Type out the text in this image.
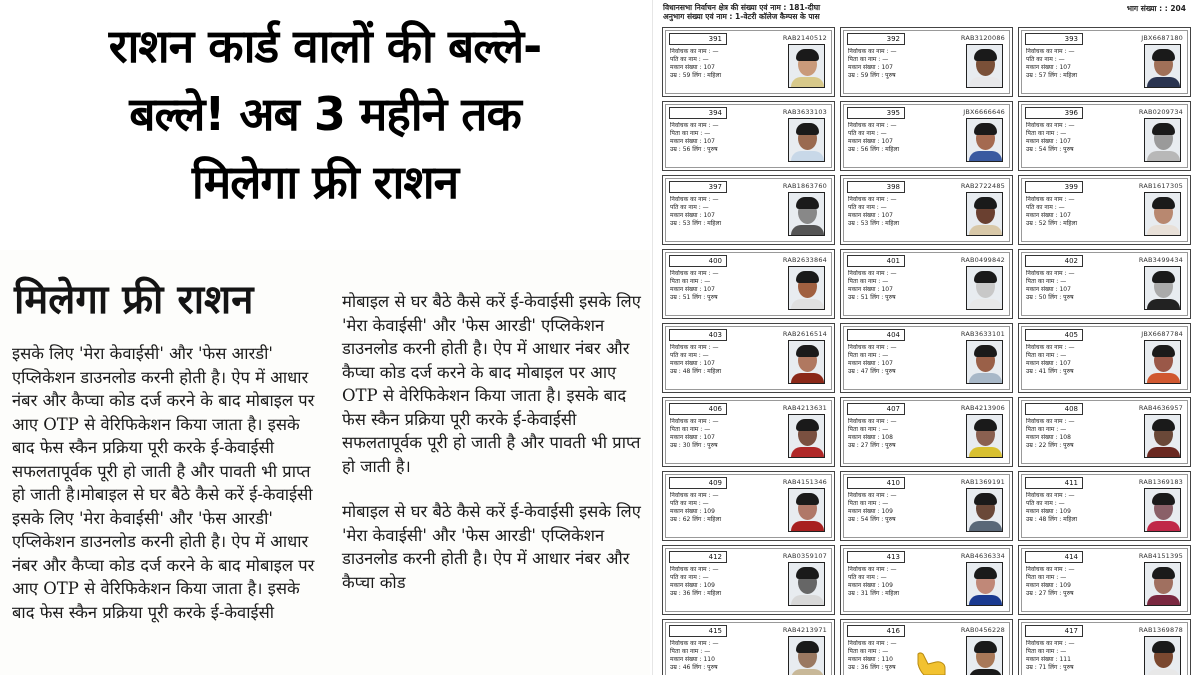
राशन कार्ड वालों की बल्ले-
बल्ले! अब 3 महीने तक
मिलेगा फ्री राशन
मिलेगा फ्री राशन

इसके लिए 'मेरा केवाईसी' और 'फेस आरडी' एप्लिकेशन डाउनलोड करनी होती है। ऐप में आधार नंबर और कैप्चा कोड दर्ज करने के बाद मोबाइल पर आए OTP से वेरिफिकेशन किया जाता है। इसके बाद फेस स्कैन प्रक्रिया पूरी करके ई-केवाईसी सफलतापूर्वक पूरी हो जाती है और पावती भी प्राप्त हो जाती है।मोबाइल से घर बैठे कैसे करें ई-केवाईसी इसके लिए 'मेरा केवाईसी' और 'फेस आरडी' एप्लिकेशन डाउनलोड करनी होती है। ऐप में आधार नंबर और कैप्चा कोड दर्ज करने के बाद मोबाइल पर आए OTP से वेरिफिकेशन किया जाता है। इसके बाद फेस स्कैन प्रक्रिया पूरी करके ई-केवाईसी

मोबाइल से घर बैठे कैसे करें ई-केवाईसी इसके लिए 'मेरा केवाईसी' और 'फेस आरडी' एप्लिकेशन डाउनलोड करनी होती है। ऐप में आधार नंबर और कैप्चा कोड दर्ज करने के बाद मोबाइल पर आए OTP से वेरिफिकेशन किया जाता है। इसके बाद फेस स्कैन प्रक्रिया पूरी करके ई-केवाईसी सफलतापूर्वक पूरी हो जाती है और पावती भी प्राप्त हो जाती है।

मोबाइल से घर बैठे कैसे करें ई-केवाईसी इसके लिए 'मेरा केवाईसी' और 'फेस आरडी' एप्लिकेशन डाउनलोड करनी होती है। ऐप में आधार नंबर और कैप्चा कोड

विधानसभा निर्वाचन क्षेत्र की संख्या एवं नाम : 181-दीघा
अनुभाग संख्या एवं नाम : 1-वेटरी कॉलेज कैम्पस के पास
भाग संख्या : : 204
391	RAB2140512
निर्वाचक का नाम : —
पति का नाम : —
मकान संख्या : 107
उम्र : 59 लिंग : महिला
392	RAB3120086
निर्वाचक का नाम : —
पिता का नाम : —
मकान संख्या : 107
उम्र : 59 लिंग : पुरुष
393	JBX6687180
निर्वाचक का नाम : —
पति का नाम : —
मकान संख्या : 107
उम्र : 57 लिंग : महिला
394	RAB3633103
निर्वाचक का नाम : —
पिता का नाम : —
मकान संख्या : 107
उम्र : 56 लिंग : पुरुष
395	JBX6666646
निर्वाचक का नाम : —
पति का नाम : —
मकान संख्या : 107
उम्र : 56 लिंग : महिला
396	RAB0209734
निर्वाचक का नाम : —
पिता का नाम : —
मकान संख्या : 107
उम्र : 54 लिंग : पुरुष
397	RAB1863760
निर्वाचक का नाम : —
पति का नाम : —
मकान संख्या : 107
उम्र : 53 लिंग : महिला
398	RAB2722485
निर्वाचक का नाम : —
पति का नाम : —
मकान संख्या : 107
उम्र : 53 लिंग : महिला
399	RAB1617305
निर्वाचक का नाम : —
पति का नाम : —
मकान संख्या : 107
उम्र : 52 लिंग : महिला
400	RAB2633864
निर्वाचक का नाम : —
पिता का नाम : —
मकान संख्या : 107
उम्र : 51 लिंग : पुरुष
401	RAB0499842
निर्वाचक का नाम : —
पिता का नाम : —
मकान संख्या : 107
उम्र : 51 लिंग : पुरुष
402	RAB3499434
निर्वाचक का नाम : —
पिता का नाम : —
मकान संख्या : 107
उम्र : 50 लिंग : पुरुष
403	RAB2616514
निर्वाचक का नाम : —
पति का नाम : —
मकान संख्या : 107
उम्र : 48 लिंग : महिला
404	RAB3633101
निर्वाचक का नाम : —
पिता का नाम : —
मकान संख्या : 107
उम्र : 47 लिंग : पुरुष
405	JBX6687784
निर्वाचक का नाम : —
पिता का नाम : —
मकान संख्या : 107
उम्र : 41 लिंग : पुरुष
406	RAB4213631
निर्वाचक का नाम : —
पिता का नाम : —
मकान संख्या : 107
उम्र : 30 लिंग : पुरुष
407	RAB4213906
निर्वाचक का नाम : —
पिता का नाम : —
मकान संख्या : 108
उम्र : 27 लिंग : पुरुष
408	RAB4636957
निर्वाचक का नाम : —
पिता का नाम : —
मकान संख्या : 108
उम्र : 22 लिंग : पुरुष
409	RAB4151346
निर्वाचक का नाम : —
पति का नाम : —
मकान संख्या : 109
उम्र : 62 लिंग : महिला
410	RAB1369191
निर्वाचक का नाम : —
पिता का नाम : —
मकान संख्या : 109
उम्र : 54 लिंग : पुरुष
411	RAB1369183
निर्वाचक का नाम : —
पति का नाम : —
मकान संख्या : 109
उम्र : 48 लिंग : महिला
412	RAB0359107
निर्वाचक का नाम : —
पति का नाम : —
मकान संख्या : 109
उम्र : 36 लिंग : महिला
413	RAB4636334
निर्वाचक का नाम : —
पति का नाम : —
मकान संख्या : 109
उम्र : 31 लिंग : महिला
414	RAB4151395
निर्वाचक का नाम : —
पिता का नाम : —
मकान संख्या : 109
उम्र : 27 लिंग : पुरुष
415	RAB4213971
निर्वाचक का नाम : —
पिता का नाम : —
मकान संख्या : 110
उम्र : 46 लिंग : पुरुष
416	RAB0456228
निर्वाचक का नाम : —
पिता का नाम : —
मकान संख्या : 110
उम्र : 36 लिंग : पुरुष
417	RAB1369878
निर्वाचक का नाम : —
पिता का नाम : —
मकान संख्या : 111
उम्र : 71 लिंग : पुरुष
